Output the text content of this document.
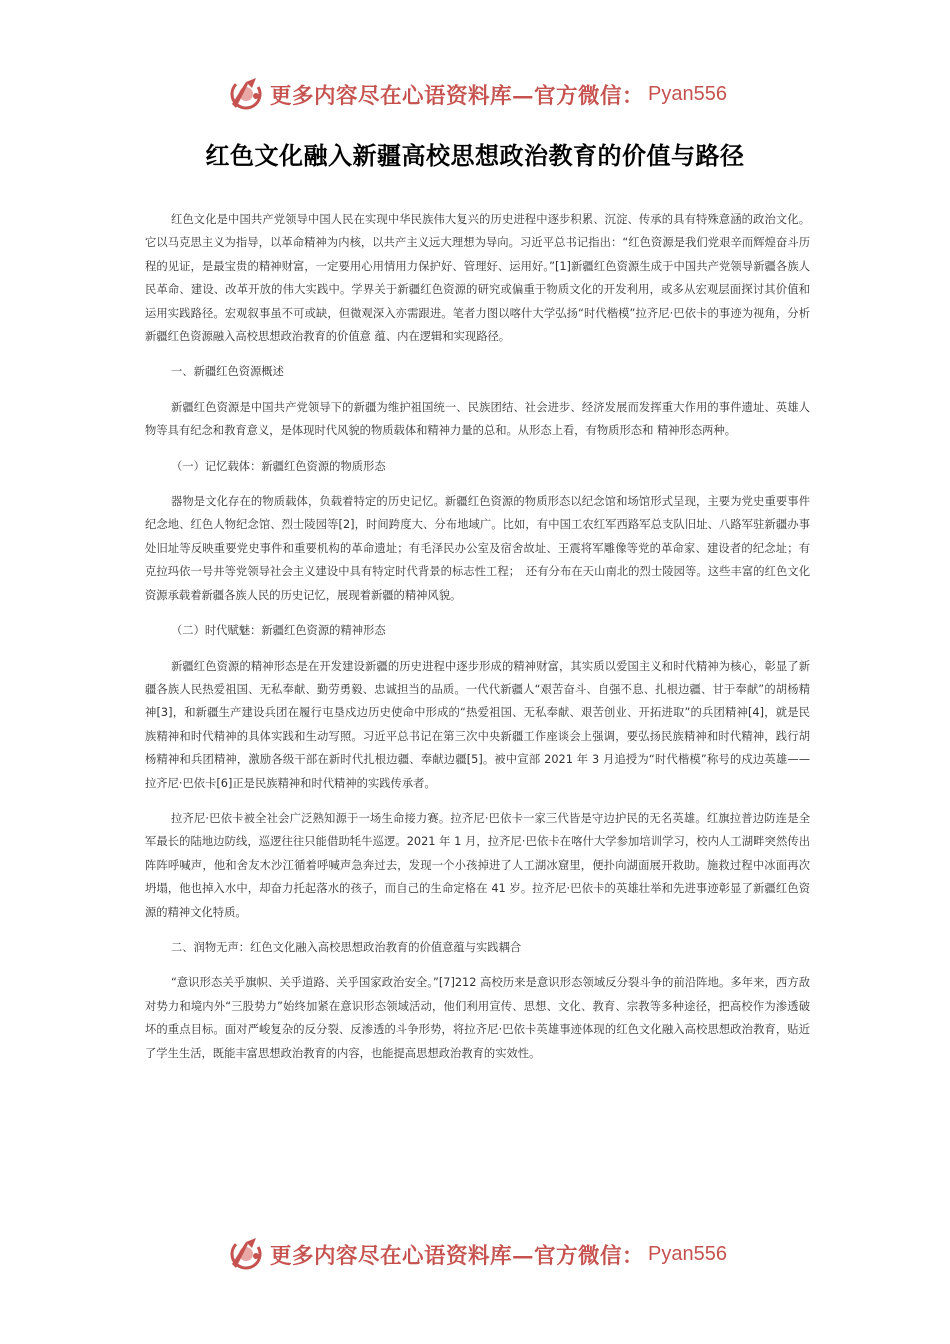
更多内容尽在心语资料库—官方微信： Pyan556
红色文化融入新疆高校思想政治教育的价值与路径

红色文化是中国共产党领导中国人民在实现中华民族伟大复兴的历史进程中逐步积累、沉淀、传承的具有特殊意涵的政治文化。它以马克思主义为指导，以革命精神为内核，以共产主义远大理想为导向。习近平总书记指出：“红色资源是我们党艰辛而辉煌奋斗历程的见证，是最宝贵的精神财富，一定要用心用情用力保护好、管理好、运用好。”[1]新疆红色资源生成于中国共产党领导新疆各族人民革命、建设、改革开放的伟大实践中。学界关于新疆红色资源的研究或偏重于物质文化的开发利用，或多从宏观层面探讨其价值和运用实践路径。宏观叙事虽不可或缺，但微观深入亦需跟进。笔者力图以喀什大学弘扬“时代楷模”拉齐尼·巴依卡的事迹为视角，分析新疆红色资源融入高校思想政治教育的价值意 蕴、内在逻辑和实现路径。

一、新疆红色资源概述

新疆红色资源是中国共产党领导下的新疆为维护祖国统一、民族团结、社会进步、经济发展而发挥重大作用的事件遗址、英雄人物等具有纪念和教育意义，是体现时代风貌的物质载体和精神力量的总和。从形态上看，有物质形态和 精神形态两种。

（一）记忆载体：新疆红色资源的物质形态

器物是文化存在的物质载体，负载着特定的历史记忆。新疆红色资源的物质形态以纪念馆和场馆形式呈现，主要为党史重要事件纪念地、红色人物纪念馆、烈士陵园等[2]，时间跨度大、分布地域广。比如，有中国工农红军西路军总支队旧址、八路军驻新疆办事处旧址等反映重要党史事件和重要机构的革命遗址；有毛泽民办公室及宿舍故址、王震将军雕像等党的革命家、建设者的纪念址；有克拉玛依一号井等党领导社会主义建设中具有特定时代背景的标志性工程；　还有分布在天山南北的烈士陵园等。这些丰富的红色文化资源承载着新疆各族人民的历史记忆，展现着新疆的精神风貌。

（二）时代赋魅：新疆红色资源的精神形态

新疆红色资源的精神形态是在开发建设新疆的历史进程中逐步形成的精神财富，其实质以爱国主义和时代精神为核心，彰显了新疆各族人民热爱祖国、无私奉献、勤劳勇毅、忠诚担当的品质。一代代新疆人“艰苦奋斗、自强不息、扎根边疆、甘于奉献”的胡杨精神[3]，和新疆生产建设兵团在履行屯垦戍边历史使命中形成的“热爱祖国、无私奉献、艰苦创业、开拓进取”的兵团精神[4]，就是民族精神和时代精神的具体实践和生动写照。习近平总书记在第三次中央新疆工作座谈会上强调，要弘扬民族精神和时代精神，践行胡杨精神和兵团精神，激励各级干部在新时代扎根边疆、奉献边疆[5]。被中宣部 2021 年 3 月追授为“时代楷模”称号的戍边英雄——拉齐尼·巴依卡[6]正是民族精神和时代精神的实践传承者。

拉齐尼·巴依卡被全社会广泛熟知源于一场生命接力赛。拉齐尼·巴依卡一家三代皆是守边护民的无名英雄。红旗拉普边防连是全军最长的陆地边防线，巡逻往往只能借助牦牛巡逻。2021 年 1 月，拉齐尼·巴依卡在喀什大学参加培训学习，校内人工湖畔突然传出阵阵呼喊声，他和舍友木沙江循着呼喊声急奔过去，发现一个小孩掉进了人工湖冰窟里，便扑向湖面展开救助。施救过程中冰面再次坍塌，他也掉入水中，却奋力托起落水的孩子，而自己的生命定格在 41 岁。拉齐尼·巴依卡的英雄壮举和先进事迹彰显了新疆红色资源的精神文化特质。

二、润物无声：红色文化融入高校思想政治教育的价值意蕴与实践耦合

“意识形态关乎旗帜、关乎道路、关乎国家政治安全。”[7]212 高校历来是意识形态领域反分裂斗争的前沿阵地。多年来，西方敌对势力和境内外“三股势力”始终加紧在意识形态领域活动，他们利用宣传、思想、文化、教育、宗教等多种途径，把高校作为渗透破坏的重点目标。面对严峻复杂的反分裂、反渗透的斗争形势，将拉齐尼·巴依卡英雄事迹体现的红色文化融入高校思想政治教育，贴近了学生生活，既能丰富思想政治教育的内容，也能提高思想政治教育的实效性。

更多内容尽在心语资料库—官方微信： Pyan556
